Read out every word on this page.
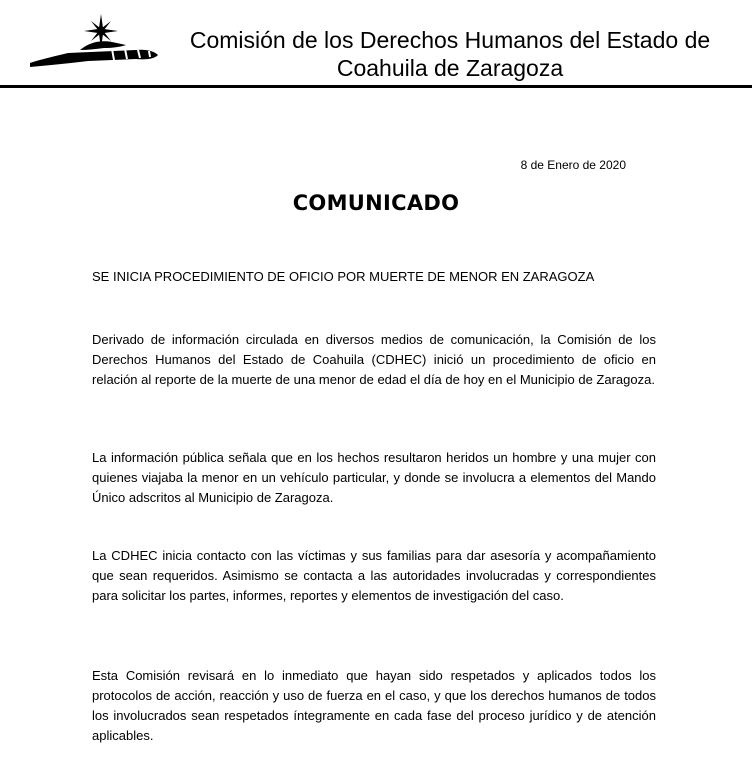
Comisión de los Derechos Humanos del Estado de
Coahuila de Zaragoza
8 de Enero de 2020
COMUNICADO
SE INICIA PROCEDIMIENTO DE OFICIO POR MUERTE DE MENOR EN ZARAGOZA

Derivado de información circulada en diversos medios de comunicación, la Comisión de los Derechos Humanos del Estado de Coahuila (CDHEC) inició un procedimiento de oficio en relación al reporte de la muerte de una menor de edad el día de hoy en el Municipio de Zaragoza.

La información pública señala que en los hechos resultaron heridos un hombre y una mujer con quienes viajaba la menor en un vehículo particular, y donde se involucra a elementos del Mando Único adscritos al Municipio de Zaragoza.

La CDHEC inicia contacto con las víctimas y sus familias para dar asesoría y acompañamiento que sean requeridos. Asimismo se contacta a las autoridades involucradas y correspondientes para solicitar los partes, informes, reportes y elementos de investigación del caso.

Esta Comisión revisará en lo inmediato que hayan sido respetados y aplicados todos los protocolos de acción, reacción y uso de fuerza en el caso, y que los derechos humanos de todos los involucrados sean respetados íntegramente en cada fase del proceso jurídico y de atención aplicables.
